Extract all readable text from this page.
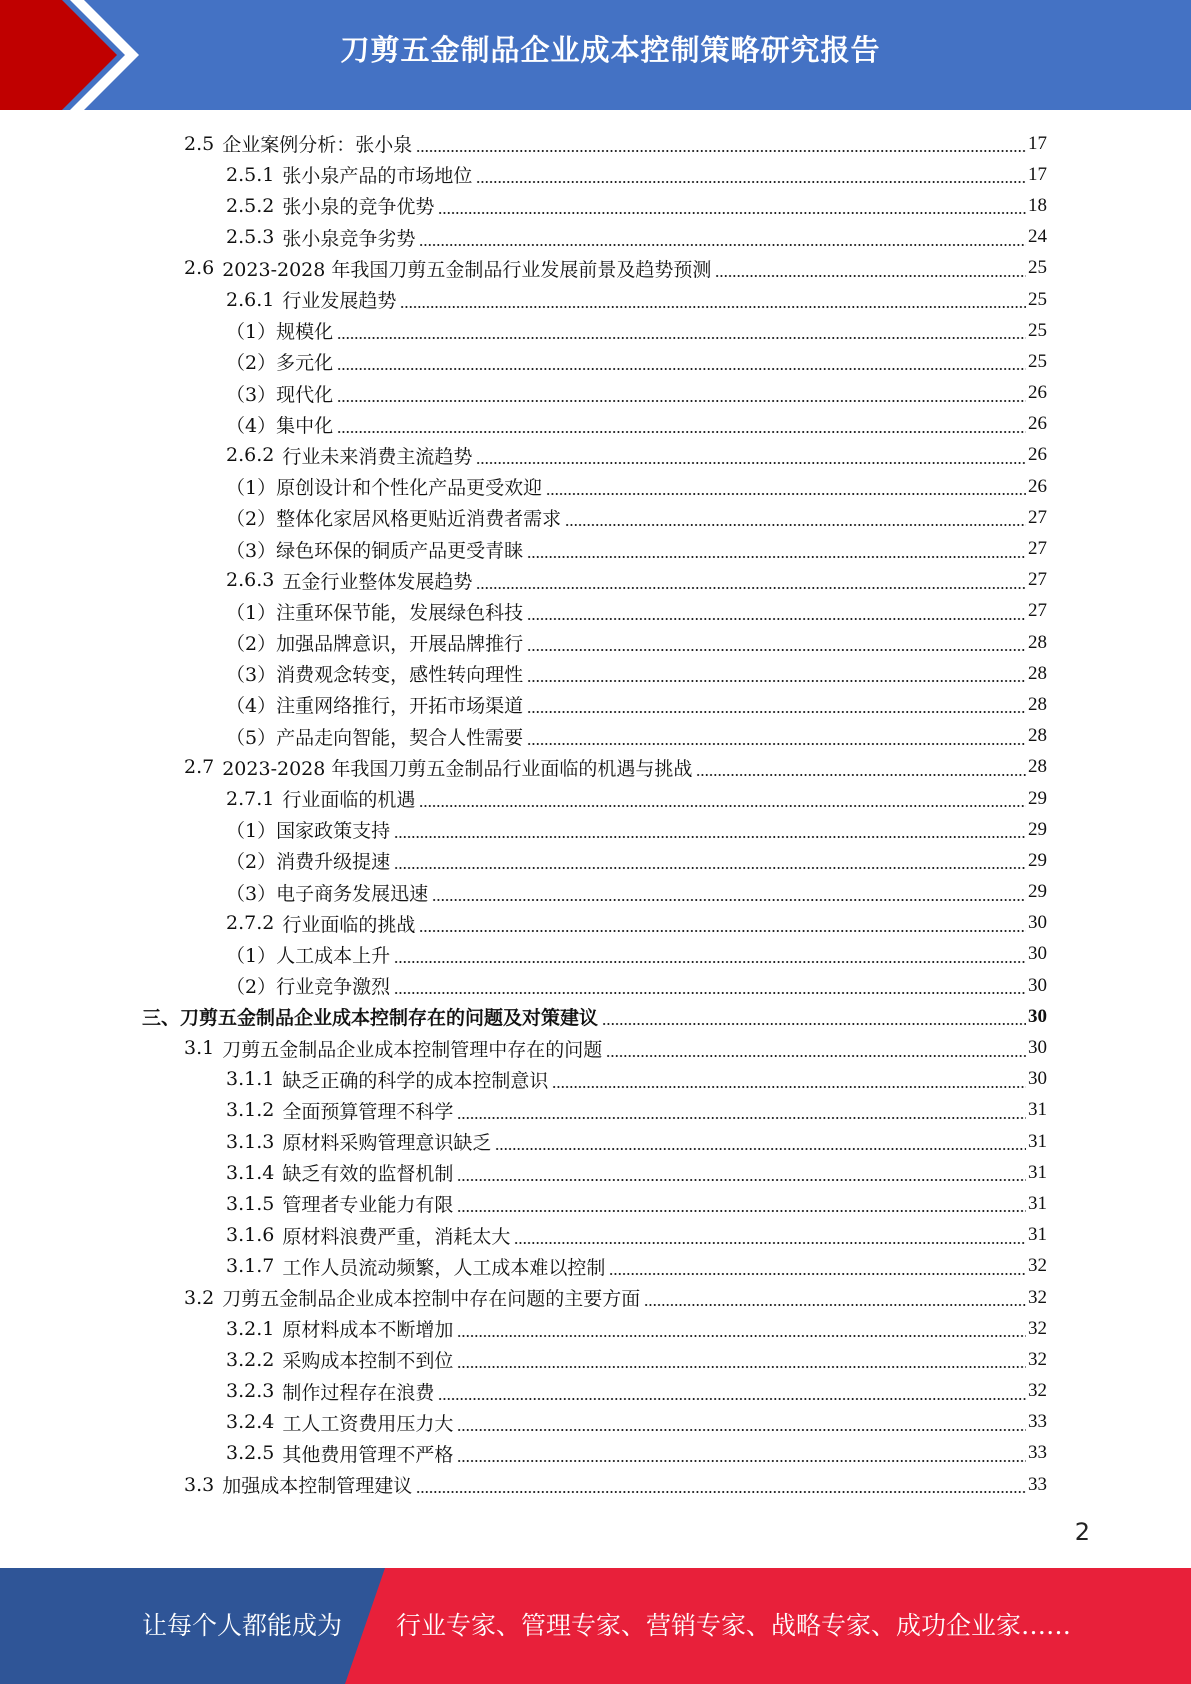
刀剪五金制品企业成本控制策略研究报告
2.5 企业案例分析：张小泉	17
2.5.1 张小泉产品的市场地位	17
2.5.2 张小泉的竞争优势	18
2.5.3 张小泉竞争劣势	24
2.6 2023-2028 年我国刀剪五金制品行业发展前景及趋势预测	25
2.6.1 行业发展趋势	25
（1） 规模化	25
（2） 多元化	25
（3） 现代化	26
（4） 集中化	26
2.6.2 行业未来消费主流趋势	26
（1） 原创设计和个性化产品更受欢迎	26
（2） 整体化家居风格更贴近消费者需求	27
（3） 绿色环保的铜质产品更受青睐	27
2.6.3 五金行业整体发展趋势	27
（1） 注重环保节能，发展绿色科技	27
（2） 加强品牌意识，开展品牌推行	28
（3） 消费观念转变，感性转向理性	28
（4） 注重网络推行，开拓市场渠道	28
（5） 产品走向智能，契合人性需要	28
2.7 2023-2028 年我国刀剪五金制品行业面临的机遇与挑战	28
2.7.1 行业面临的机遇	29
（1） 国家政策支持	29
（2） 消费升级提速	29
（3） 电子商务发展迅速	29
2.7.2 行业面临的挑战	30
（1） 人工成本上升	30
（2） 行业竞争激烈	30
三、 刀剪五金制品企业成本控制存在的问题及对策建议	30
3.1 刀剪五金制品企业成本控制管理中存在的问题	30
3.1.1 缺乏正确的科学的成本控制意识	30
3.1.2 全面预算管理不科学	31
3.1.3 原材料采购管理意识缺乏	31
3.1.4 缺乏有效的监督机制	31
3.1.5 管理者专业能力有限	31
3.1.6 原材料浪费严重，消耗太大	31
3.1.7 工作人员流动频繁，人工成本难以控制	32
3.2 刀剪五金制品企业成本控制中存在问题的主要方面	32
3.2.1 原材料成本不断增加	32
3.2.2 采购成本控制不到位	32
3.2.3 制作过程存在浪费	32
3.2.4 工人工资费用压力大	33
3.2.5 其他费用管理不严格	33
3.3 加强成本控制管理建议	33
2
让每个人都能成为 行业专家、管理专家、营销专家、战略专家、成功企业家……
